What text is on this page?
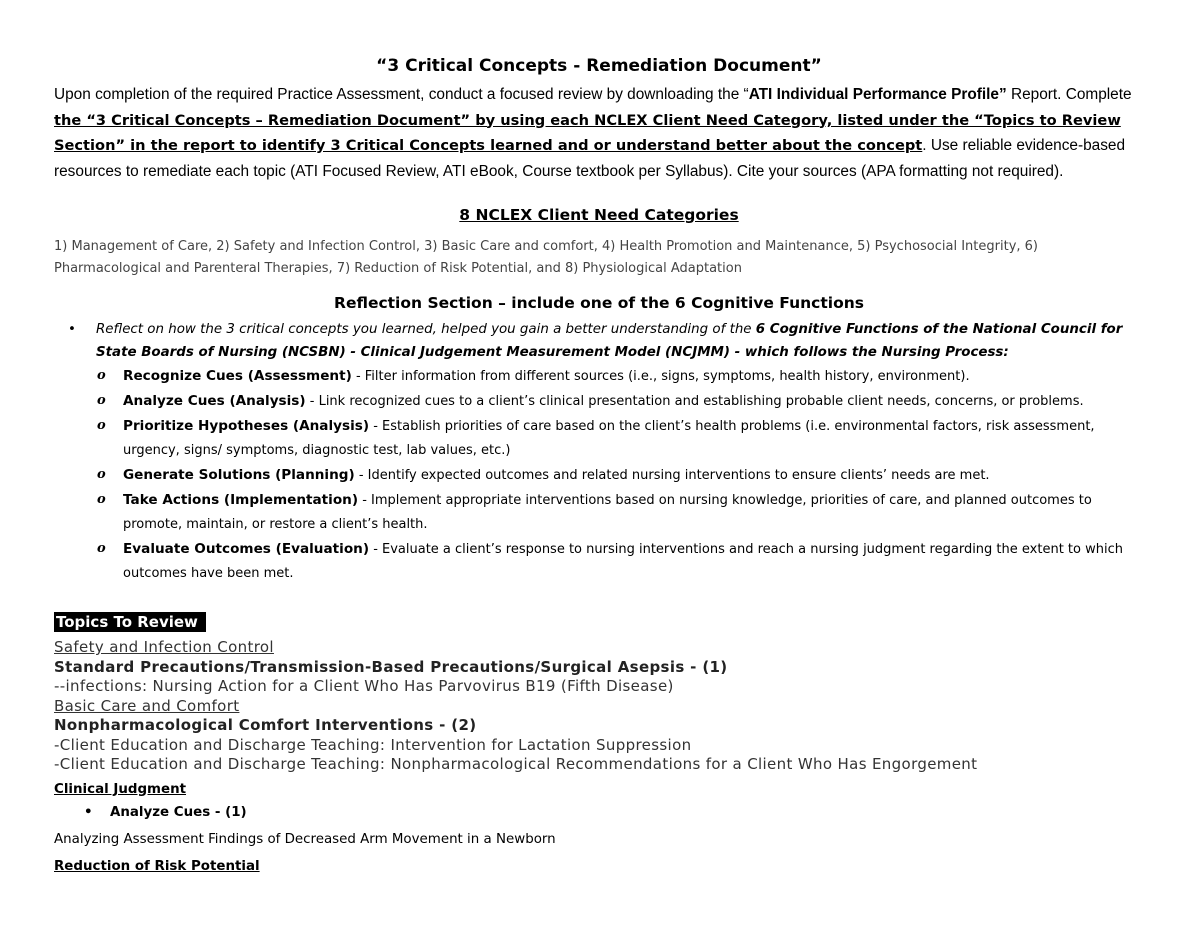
“3 Critical Concepts - Remediation Document”

Upon completion of the required Practice Assessment, conduct a focused review by downloading the “ATI Individual Performance Profile” Report. Complete the “3 Critical Concepts – Remediation Document” by using each NCLEX Client Need Category, listed under the “Topics to Review Section” in the report to identify 3 Critical Concepts learned and or understand better about the concept. Use reliable evidence-based resources to remediate each topic (ATI Focused Review, ATI eBook, Course textbook per Syllabus). Cite your sources (APA formatting not required).

8 NCLEX Client Need Categories

1) Management of Care, 2) Safety and Infection Control, 3) Basic Care and comfort, 4) Health Promotion and Maintenance, 5) Psychosocial Integrity, 6) Pharmacological and Parenteral Therapies, 7) Reduction of Risk Potential, and 8) Physiological Adaptation

Reflection Section – include one of the 6 Cognitive Functions
• Reflect on how the 3 critical concepts you learned, helped you gain a better understanding of the 6 Cognitive Functions of the National Council for State Boards of Nursing (NCSBN) - Clinical Judgement Measurement Model (NCJMM) - which follows the Nursing Process:
o Recognize Cues (Assessment) - Filter information from different sources (i.e., signs, symptoms, health history, environment).
o Analyze Cues (Analysis) - Link recognized cues to a client’s clinical presentation and establishing probable client needs, concerns, or problems.
o Prioritize Hypotheses (Analysis) - Establish priorities of care based on the client’s health problems (i.e. environmental factors, risk assessment, urgency, signs/ symptoms, diagnostic test, lab values, etc.)
o Generate Solutions (Planning) - Identify expected outcomes and related nursing interventions to ensure clients’ needs are met.
o Take Actions (Implementation) - Implement appropriate interventions based on nursing knowledge, priorities of care, and planned outcomes to promote, maintain, or restore a client’s health.
o Evaluate Outcomes (Evaluation) - Evaluate a client’s response to nursing interventions and reach a nursing judgment regarding the extent to which outcomes have been met.
Topics To Review
Safety and Infection Control
Standard Precautions/Transmission-Based Precautions/Surgical Asepsis - (1)
--infections: Nursing Action for a Client Who Has Parvovirus B19 (Fifth Disease)
Basic Care and Comfort
Nonpharmacological Comfort Interventions - (2)
-Client Education and Discharge Teaching: Intervention for Lactation Suppression
-Client Education and Discharge Teaching: Nonpharmacological Recommendations for a Client Who Has Engorgement
Clinical Judgment
• Analyze Cues - (1)
Analyzing Assessment Findings of Decreased Arm Movement in a Newborn
Reduction of Risk Potential
